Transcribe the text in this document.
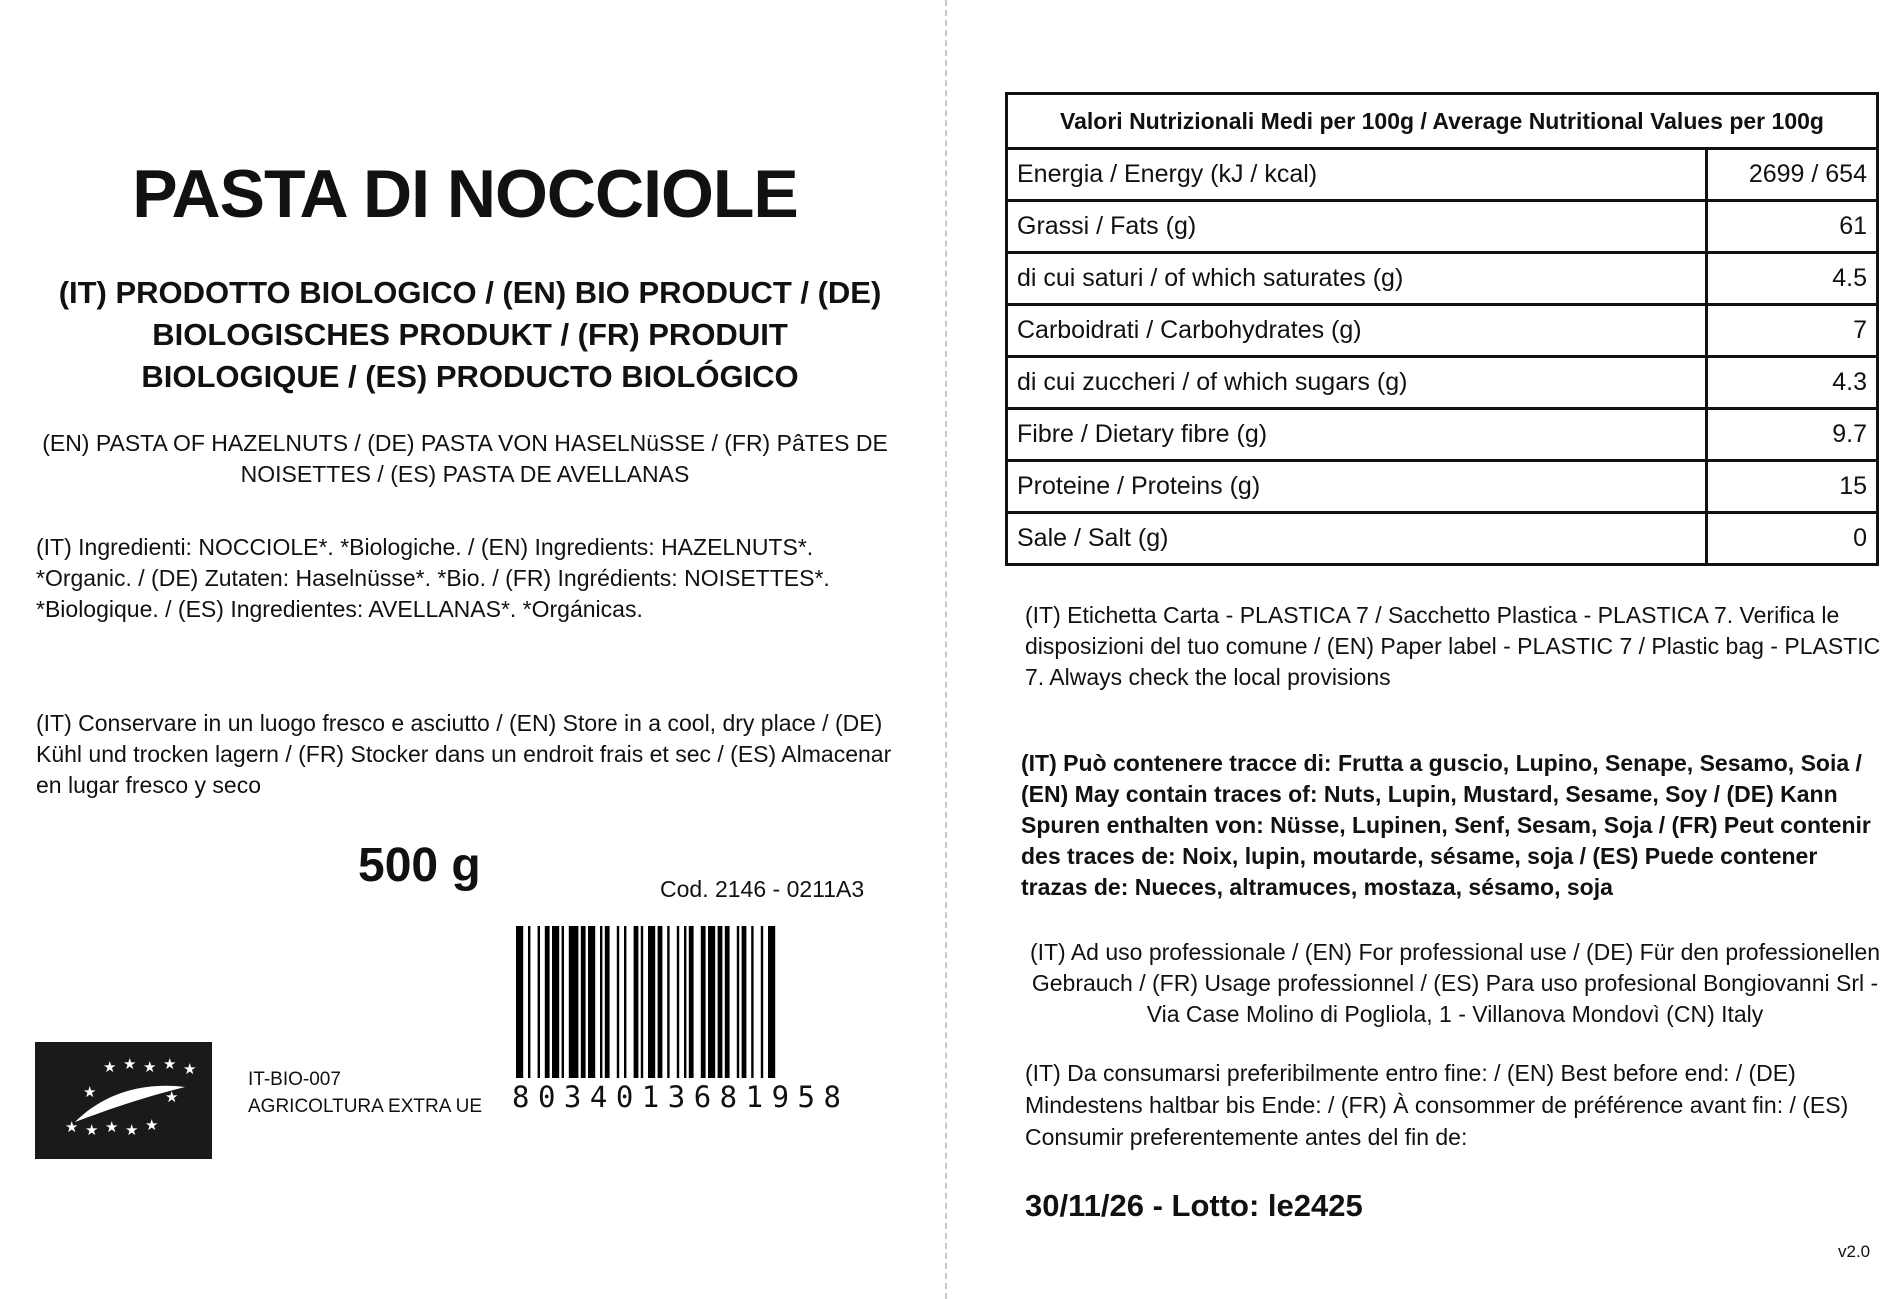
PASTA DI NOCCIOLE
(IT) PRODOTTO BIOLOGICO / (EN) BIO PRODUCT / (DE) BIOLOGISCHES PRODUKT / (FR) PRODUIT BIOLOGIQUE / (ES) PRODUCTO BIOLÓGICO
(EN) PASTA OF HAZELNUTS / (DE) PASTA VON HASELNüSSE / (FR) PâTES DE NOISETTES / (ES) PASTA DE AVELLANAS
(IT) Ingredienti: NOCCIOLE*. *Biologiche. / (EN) Ingredients: HAZELNUTS*. *Organic. / (DE) Zutaten: Haselnüsse*. *Bio. / (FR) Ingrédients: NOISETTES*. *Biologique. / (ES) Ingredientes: AVELLANAS*. *Orgánicas.
(IT) Conservare in un luogo fresco e asciutto / (EN) Store in a cool, dry place / (DE) Kühl und trocken lagern / (FR) Stocker dans un endroit frais et sec / (ES) Almacenar en lugar fresco y seco
500 g	Cod. 2146 - 0211A3
8034013681958
★ ★ ★ ★ ★
★	★
★ ★ ★ ★ ★
IT-BIO-007
AGRICOLTURA EXTRA UE
Valori Nutrizionali Medi per 100g / Average Nutritional Values per 100g	
Energia / Energy (kJ / kcal)	2699 / 654
Grassi / Fats (g)	61
di cui saturi / of which saturates (g)	4.5
Carboidrati / Carbohydrates (g)	7
di cui zuccheri / of which sugars (g)	4.3
Fibre / Dietary fibre (g)	9.7
Proteine / Proteins (g)	15
Sale / Salt (g)	0
(IT) Etichetta Carta - PLASTICA 7 / Sacchetto Plastica - PLASTICA 7. Verifica le disposizioni del tuo comune / (EN) Paper label - PLASTIC 7 / Plastic bag - PLASTIC 7. Always check the local provisions
(IT) Può contenere tracce di: Frutta a guscio, Lupino, Senape, Sesamo, Soia / (EN) May contain traces of: Nuts, Lupin, Mustard, Sesame, Soy / (DE) Kann Spuren enthalten von: Nüsse, Lupinen, Senf, Sesam, Soja / (FR) Peut contenir des traces de: Noix, lupin, moutarde, sésame, soja / (ES) Puede contener trazas de: Nueces, altramuces, mostaza, sésamo, soja
(IT) Ad uso professionale / (EN) For professional use / (DE) Für den professionellen Gebrauch / (FR) Usage professionnel / (ES) Para uso profesional Bongiovanni Srl - Via Case Molino di Pogliola, 1 - Villanova Mondovì (CN) Italy
(IT) Da consumarsi preferibilmente entro fine: / (EN) Best before end: / (DE) Mindestens haltbar bis Ende: / (FR) À consommer de préférence avant fin: / (ES) Consumir preferentemente antes del fin de:
30/11/26 - Lotto: le2425
v2.0
